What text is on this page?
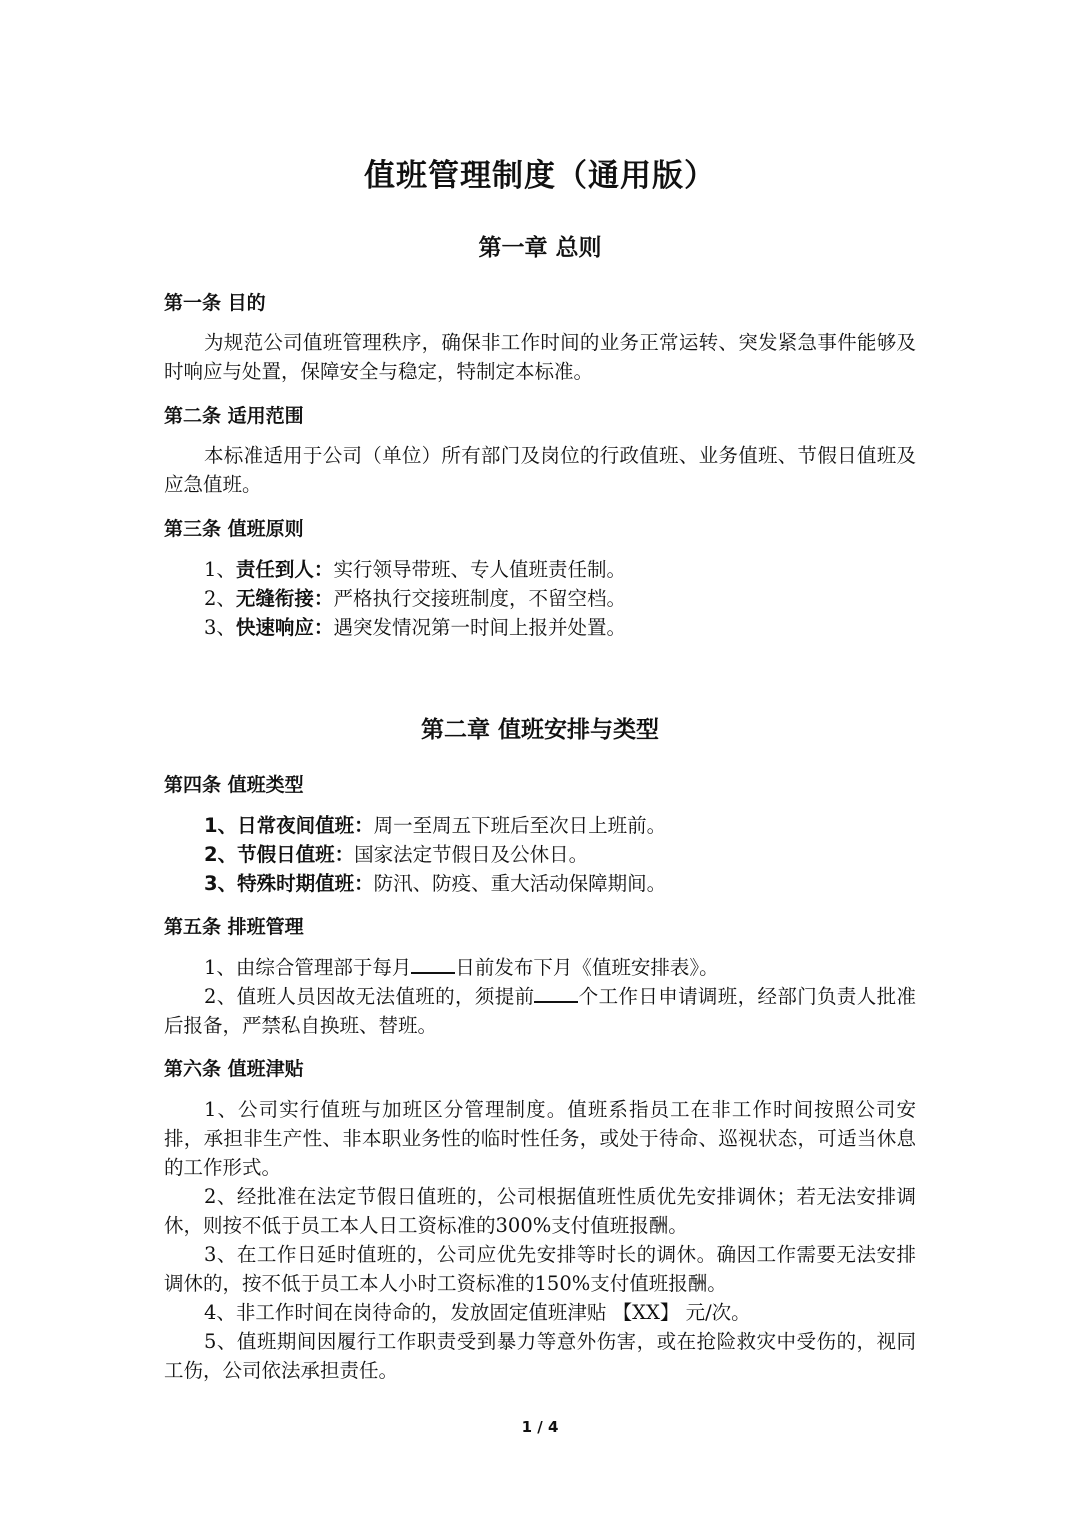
值班管理制度（通用版）
第一章 总则
第一条 目的
为规范公司值班管理秩序，确保非工作时间的业务正常运转、突发紧急事件能够及时响应与处置，保障安全与稳定，特制定本标准。
第二条 适用范围
本标准适用于公司（单位）所有部门及岗位的行政值班、业务值班、节假日值班及应急值班。
第三条 值班原则
1、责任到人：实行领导带班、专人值班责任制。
2、无缝衔接：严格执行交接班制度，不留空档。
3、快速响应：遇突发情况第一时间上报并处置。
第二章 值班安排与类型
第四条 值班类型
1、日常夜间值班：周一至周五下班后至次日上班前。
2、节假日值班：国家法定节假日及公休日。
3、特殊时期值班：防汛、防疫、重大活动保障期间。
第五条 排班管理
1、由综合管理部于每月 日前发布下月《值班安排表》。
2、值班人员因故无法值班的，须提前 个工作日申请调班，经部门负责人批准后报备，严禁私自换班、替班。
第六条 值班津贴
1、公司实行值班与加班区分管理制度。值班系指员工在非工作时间按照公司安排，承担非生产性、非本职业务性的临时性任务，或处于待命、巡视状态，可适当休息的工作形式。
2、经批准在法定节假日值班的，公司根据值班性质优先安排调休；若无法安排调休，则按不低于员工本人日工资标准的300%支付值班报酬。
3、在工作日延时值班的，公司应优先安排等时长的调休。确因工作需要无法安排调休的，按不低于员工本人小时工资标准的150%支付值班报酬。
4、非工作时间在岗待命的，发放固定值班津贴 【XX】 元/次。
5、值班期间因履行工作职责受到暴力等意外伤害，或在抢险救灾中受伤的，视同工伤，公司依法承担责任。
1 / 4
